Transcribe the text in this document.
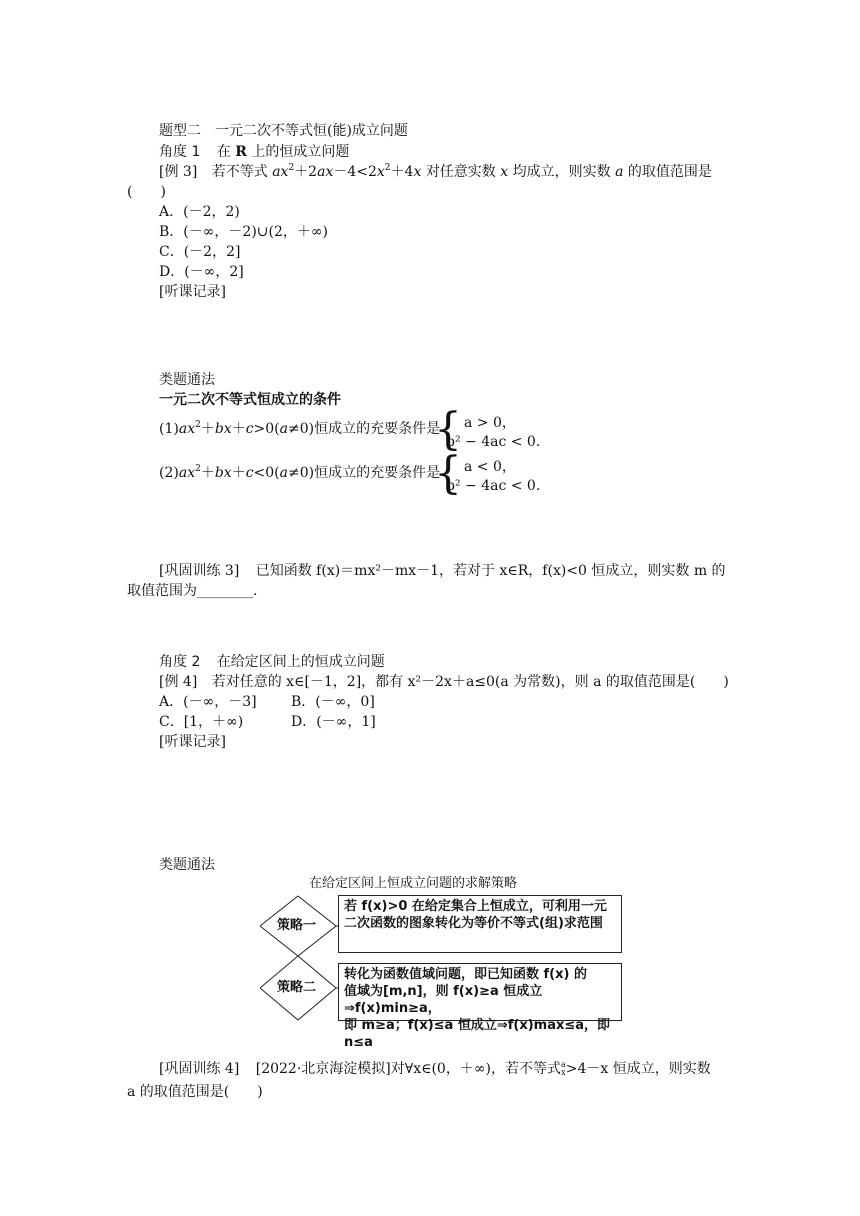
题型二　一元二次不等式恒(能)成立问题
角度 1 在 R 上的恒成立问题
[例 3] 若不等式 $ax^2+2ax-4<2x^2+4x$ 对任意实数 x 均成立，则实数 a 的取值范围是
(　　)
A．(－2，2)
B．(－∞，－2)∪(2，＋∞)
C．(－2，2]
D．(－∞，2]
[听课记录]
类题通法
一元二次不等式恒成立的条件
$(1)ax^2+bx+c>0(a\ne 0)$恒成立的充要条件是
{ a > 0，
b² − 4ac < 0.
$(2)ax^2+bx+c<0(a\ne 0)$恒成立的充要条件是
{ a < 0，
b² − 4ac < 0.
[巩固训练 3] 已知函数 f(x)＝mx²－mx－1，若对于 x∈R，f(x)<0 恒成立，则实数 m 的
取值范围为________.
角度 2 在给定区间上的恒成立问题
[例 4] 若对任意的 x∈[－1，2]，都有 x²－2x＋a≤0(a 为常数)，则 a 的取值范围是(　　)
A．(－∞，－3] B．(－∞，0]
C．[1，＋∞)	D．(－∞，1]
[听课记录]
类题通法
在给定区间上恒成立问题的求解策略
策略一
策略二
若 f(x)>0 在给定集合上恒成立，可利用一元二次函数的图象转化为等价不等式(组)求范围
转化为函数值域问题，即已知函数 f(x) 的
值域为[m,n]，则 f(x)≥a 恒成立⇒f(x)min≥a，
即 m≥a；f(x)≤a 恒成立⇒f(x)max≤a，即 n≤a
[巩固训练 4] [2022·北京海淀模拟]对∀x∈(0，＋∞)，若不等式 a
x >4－x 恒成立，则实数
a 的取值范围是(　　)
